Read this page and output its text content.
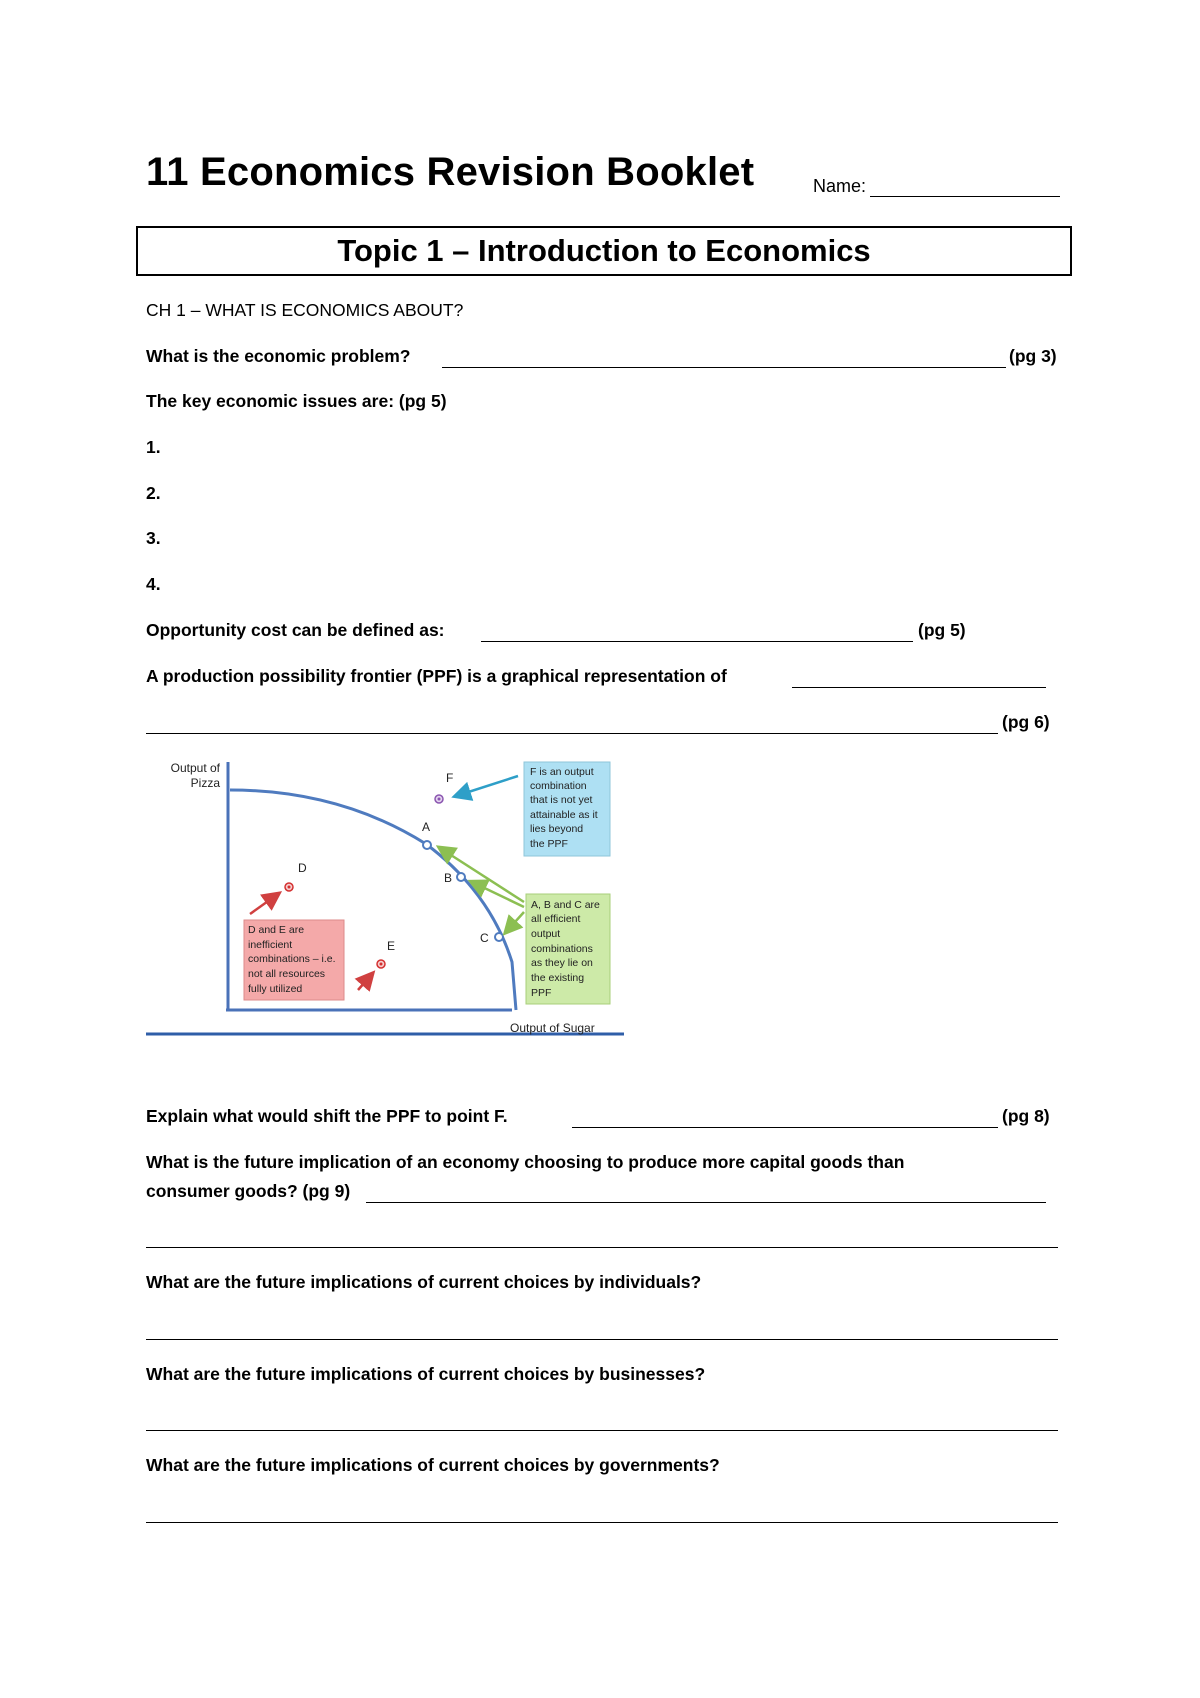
11 Economics Revision Booklet	Name:
Topic 1 – Introduction to Economics
CH 1 – WHAT IS ECONOMICS ABOUT?
What is the economic problem?	(pg 3)
The key economic issues are: (pg 5)
1.
2.
3.
4.
Opportunity cost can be defined as:	(pg 5)
A production possibility frontier (PPF) is a graphical representation of
(pg 6)
Output of
Pizza
Output of Sugar
F
A
B
C
D
E
F is an output
combination
that is not yet
attainable as it
lies beyond
the PPF
A, B and C are
all efficient
output
combinations
as they lie on
the existing
PPF
D and E are
inefficient
combinations – i.e.
not all resources
fully utilized
Explain what would shift the PPF to point F.	(pg 8)
What is the future implication of an economy choosing to produce more capital goods than
consumer goods? (pg 9)
What are the future implications of current choices by individuals?
What are the future implications of current choices by businesses?
What are the future implications of current choices by governments?
